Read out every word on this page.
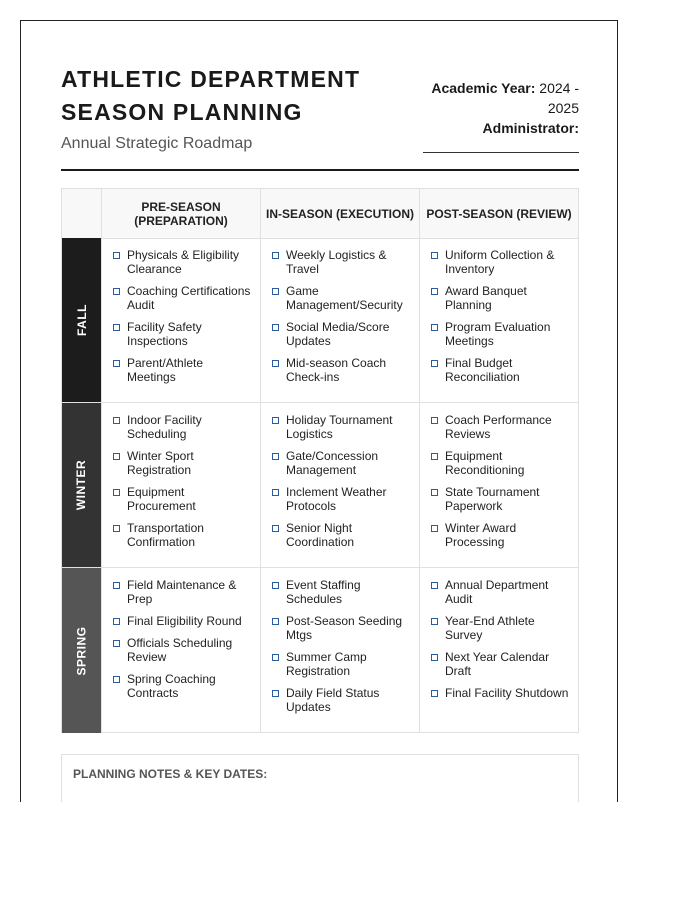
ATHLETIC DEPARTMENT SEASON PLANNING
Annual Strategic Roadmap
Academic Year: 2024 - 2025
Administrator:
PRE-SEASON (PREPARATION)	IN-SEASON (EXECUTION)	POST-SEASON (REVIEW)
FALL
Physicals & Eligibility Clearance
Coaching Certifications Audit
Facility Safety Inspections
Parent/Athlete Meetings
Weekly Logistics & Travel
Game Management/Security
Social Media/Score Updates
Mid-season Coach Check-ins
Uniform Collection & Inventory
Award Banquet Planning
Program Evaluation Meetings
Final Budget Reconciliation
WINTER
Indoor Facility Scheduling
Winter Sport Registration
Equipment Procurement
Transportation Confirmation
Holiday Tournament Logistics
Gate/Concession Management
Inclement Weather Protocols
Senior Night Coordination
Coach Performance Reviews
Equipment Reconditioning
State Tournament Paperwork
Winter Award Processing
SPRING
Field Maintenance & Prep
Final Eligibility Round
Officials Scheduling Review
Spring Coaching Contracts
Event Staffing Schedules
Post-Season Seeding Mtgs
Summer Camp Registration
Daily Field Status Updates
Annual Department Audit
Year-End Athlete Survey
Next Year Calendar Draft
Final Facility Shutdown
PLANNING NOTES & KEY DATES:
